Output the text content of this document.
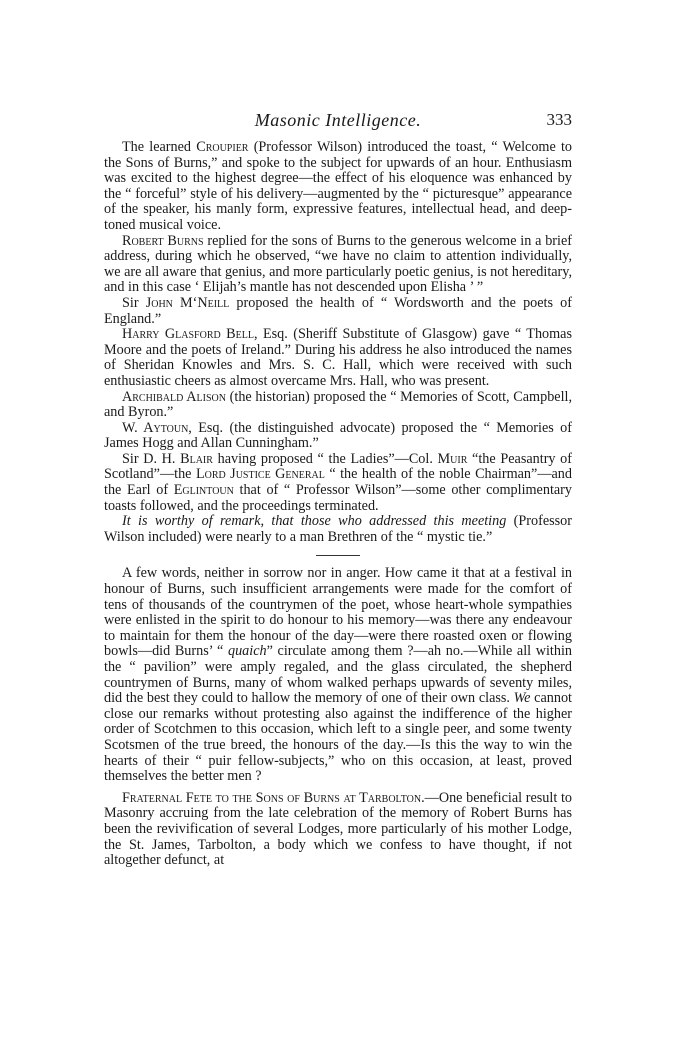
Masonic Intelligence.	333

The learned Croupier (Professor Wilson) introduced the toast, “ Welcome to the Sons of Burns,” and spoke to the subject for upwards of an hour. Enthusiasm was excited to the highest degree—the effect of his eloquence was enhanced by the “ forceful” style of his delivery—augmented by the “ picturesque” appearance of the speaker, his manly form, expressive features, intellectual head, and deep-toned musical voice.

Robert Burns replied for the sons of Burns to the generous welcome in a brief address, during which he observed, “we have no claim to attention individually, we are all aware that genius, and more particularly poetic genius, is not hereditary, and in this case ‘ Elijah’s mantle has not descended upon Elisha ’ ”

Sir John M‘Neill proposed the health of “ Wordsworth and the poets of England.”

Harry Glasford Bell, Esq. (Sheriff Substitute of Glasgow) gave “ Thomas Moore and the poets of Ireland.” During his address he also introduced the names of Sheridan Knowles and Mrs. S. C. Hall, which were received with such enthusiastic cheers as almost overcame Mrs. Hall, who was present.

Archibald Alison (the historian) proposed the “ Memories of Scott, Campbell, and Byron.”

W. Aytoun, Esq. (the distinguished advocate) proposed the “ Memories of James Hogg and Allan Cunningham.”

Sir D. H. Blair having proposed “ the Ladies”—Col. Muir “the Peasantry of Scotland”—the Lord Justice General “ the health of the noble Chairman”—and the Earl of Eglintoun that of “ Professor Wilson”—some other complimentary toasts followed, and the proceedings terminated.

It is worthy of remark, that those who addressed this meeting (Professor Wilson included) were nearly to a man Brethren of the “ mystic tie.”

A few words, neither in sorrow nor in anger. How came it that at a festival in honour of Burns, such insufficient arrangements were made for the comfort of tens of thousands of the countrymen of the poet, whose heart-whole sympathies were enlisted in the spirit to do honour to his memory—was there any endeavour to maintain for them the honour of the day—were there roasted oxen or flowing bowls—did Burns’ “ quaich” circulate among them ?—ah no.—While all within the “ pavilion” were amply regaled, and the glass circulated, the shepherd countrymen of Burns, many of whom walked perhaps upwards of seventy miles, did the best they could to hallow the memory of one of their own class. We cannot close our remarks without protesting also against the indifference of the higher order of Scotchmen to this occasion, which left to a single peer, and some twenty Scotsmen of the true breed, the honours of the day.—Is this the way to win the hearts of their “ puir fellow-subjects,” who on this occasion, at least, proved themselves the better men ?

Fraternal Fete to the Sons of Burns at Tarbolton.—One beneficial result to Masonry accruing from the late celebration of the memory of Robert Burns has been the revivification of several Lodges, more particularly of his mother Lodge, the St. James, Tarbolton, a body which we confess to have thought, if not altogether defunct, at
